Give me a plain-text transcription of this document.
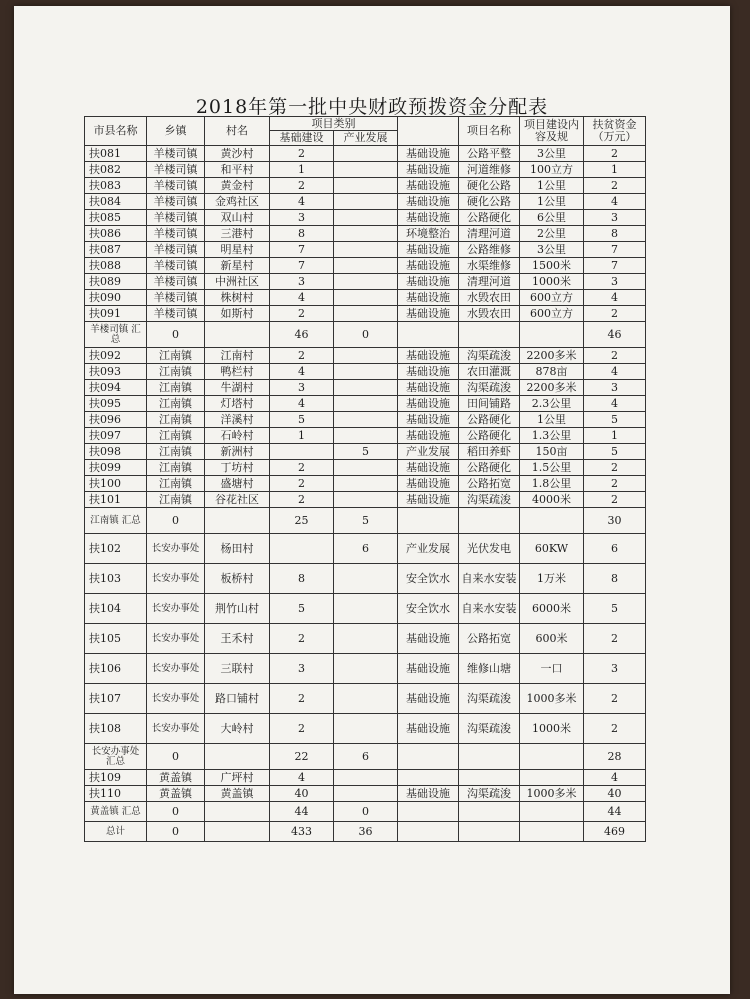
2018年第一批中央财政预拨资金分配表
市县名称	乡镇	村名	项目类别			项目名称	项目建设内容及规	扶贫资金（万元）
			基础建设	产业发展				
扶081	羊楼司镇	黄沙村	2		基础设施	公路平整	3公里	2
扶082	羊楼司镇	和平村	1		基础设施	河道维修	100立方	1
扶083	羊楼司镇	黄金村	2		基础设施	硬化公路	1公里	2
扶084	羊楼司镇	金鸡社区	4		基础设施	硬化公路	1公里	4
扶085	羊楼司镇	双山村	3		基础设施	公路硬化	6公里	3
扶086	羊楼司镇	三港村	8		环境整治	清理河道	2公里	8
扶087	羊楼司镇	明星村	7		基础设施	公路维修	3公里	7
扶088	羊楼司镇	新星村	7		基础设施	水渠维修	1500米	7
扶089	羊楼司镇	中洲社区	3		基础设施	清理河道	1000米	3
扶090	羊楼司镇	株树村	4		基础设施	水毁农田	600立方	4
扶091	羊楼司镇	如斯村	2		基础设施	水毁农田	600立方	2
羊楼司镇 汇总	0		46	0				46
扶092	江南镇	江南村	2		基础设施	沟渠疏浚	2200多米	2
扶093	江南镇	鸭栏村	4		基础设施	农田灌溉	878亩	4
扶094	江南镇	牛湖村	3		基础设施	沟渠疏浚	2200多米	3
扶095	江南镇	灯塔村	4		基础设施	田间铺路	2.3公里	4
扶096	江南镇	洋溪村	5		基础设施	公路硬化	1公里	5
扶097	江南镇	石岭村	1		基础设施	公路硬化	1.3公里	1
扶098	江南镇	新洲村		5	产业发展	稻田养虾	150亩	5
扶099	江南镇	丁坊村	2		基础设施	公路硬化	1.5公里	2
扶100	江南镇	盛塘村	2		基础设施	公路拓宽	1.8公里	2
扶101	江南镇	谷花社区	2		基础设施	沟渠疏浚	4000米	2
江南镇 汇总	0		25	5				30
扶102	长安办事处	杨田村		6	产业发展	光伏发电	60KW	6
扶103	长安办事处	板桥村	8		安全饮水	自来水安装	1万米	8
扶104	长安办事处	荆竹山村	5		安全饮水	自来水安装	6000米	5
扶105	长安办事处	王禾村	2		基础设施	公路拓宽	600米	2
扶106	长安办事处	三联村	3		基础设施	维修山塘	一口	3
扶107	长安办事处	路口铺村	2		基础设施	沟渠疏浚	1000多米	2
扶108	长安办事处	大岭村	2		基础设施	沟渠疏浚	1000米	2
长安办事处 汇总	0		22	6				28
扶109	黄盖镇	广坪村	4					4
扶110	黄盖镇	黄盖镇	40		基础设施	沟渠疏浚	1000多米	40
黄盖镇 汇总	0		44	0				44
总计	0		433	36				469
